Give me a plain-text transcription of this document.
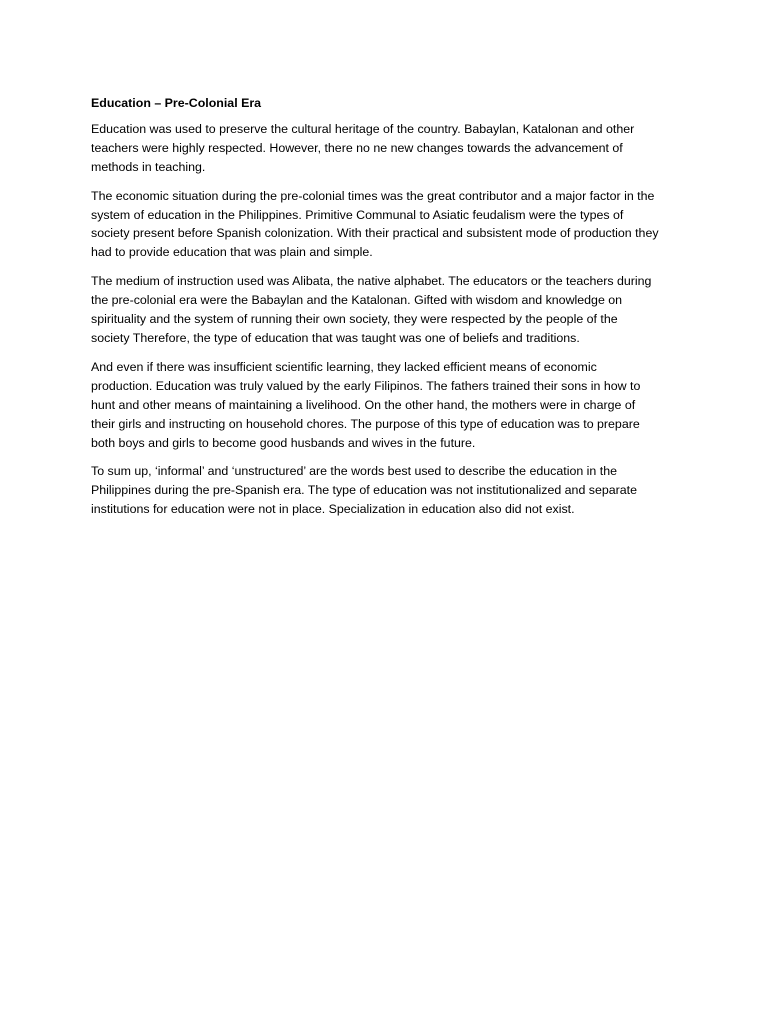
Education – Pre-Colonial Era
Education was used to preserve the cultural heritage of the country. Babaylan, Katalonan and other
teachers were highly respected. However, there no ne new changes towards the advancement of
methods in teaching.
The economic situation during the pre-colonial times was the great contributor and a major factor in the
system of education in the Philippines. Primitive Communal to Asiatic feudalism were the types of
society present before Spanish colonization. With their practical and subsistent mode of production they
had to provide education that was plain and simple.
The medium of instruction used was Alibata, the native alphabet. The educators or the teachers during
the pre-colonial era were the Babaylan and the Katalonan. Gifted with wisdom and knowledge on
spirituality and the system of running their own society, they were respected by the people of the
society Therefore, the type of education that was taught was one of beliefs and traditions.
And even if there was insufficient scientific learning, they lacked efficient means of economic
production. Education was truly valued by the early Filipinos. The fathers trained their sons in how to
hunt and other means of maintaining a livelihood. On the other hand, the mothers were in charge of
their girls and instructing on household chores. The purpose of this type of education was to prepare
both boys and girls to become good husbands and wives in the future.
To sum up, ‘informal’ and ‘unstructured’ are the words best used to describe the education in the
Philippines during the pre-Spanish era. The type of education was not institutionalized and separate
institutions for education were not in place. Specialization in education also did not exist.
